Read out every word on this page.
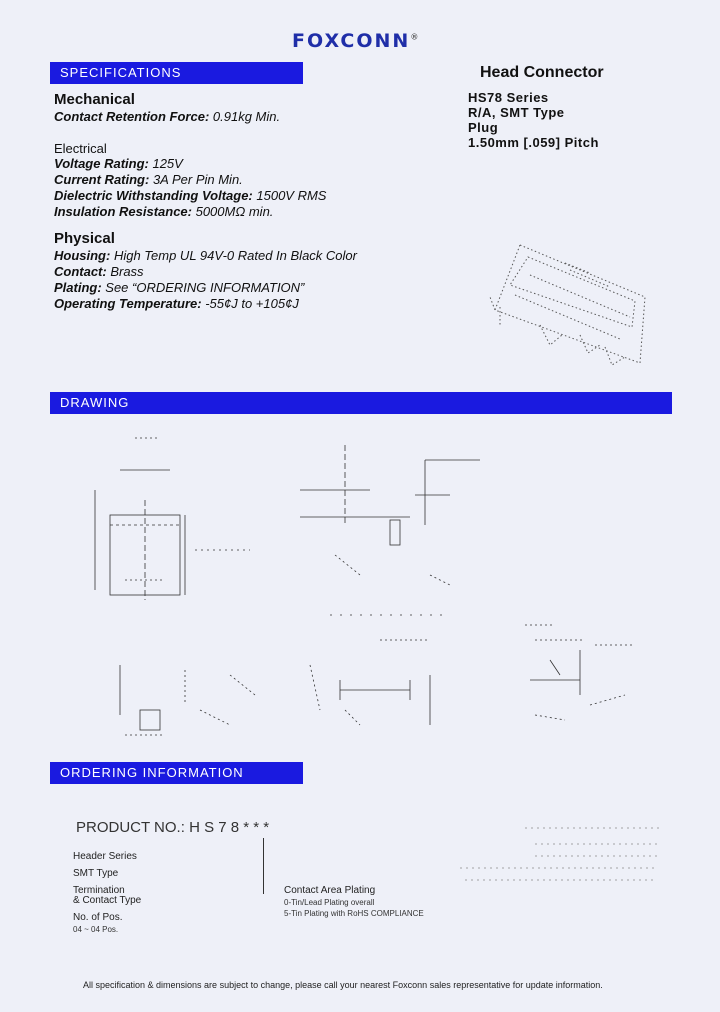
FOXCONN®
SPECIFICATIONS	Head Connector
HS78 Series
R/A, SMT Type
Plug
1.50mm [.059] Pitch
Mechanical
Contact Retention Force: 0.91kg Min.
Electrical
Voltage Rating: 125V
Current Rating: 3A Per Pin Min.
Dielectric Withstanding Voltage: 1500V RMS
Insulation Resistance: 5000MΩ min.
Physical
Housing: High Temp UL 94V-0 Rated In Black Color
Contact: Brass
Plating: See “ORDERING INFORMATION”
Operating Temperature: -55¢J to +105¢J
DRAWING
ORDERING INFORMATION
PRODUCT NO.: H S 7 8 * * *
Header Series
SMT Type
Termination
& Contact Type
No. of Pos.
04 ~ 04 Pos.
Contact Area Plating
0-Tin/Lead Plating overall
5-Tin Plating with RoHS COMPLIANCE
All specification & dimensions are subject to change, please call your nearest Foxconn sales representative for update information.
